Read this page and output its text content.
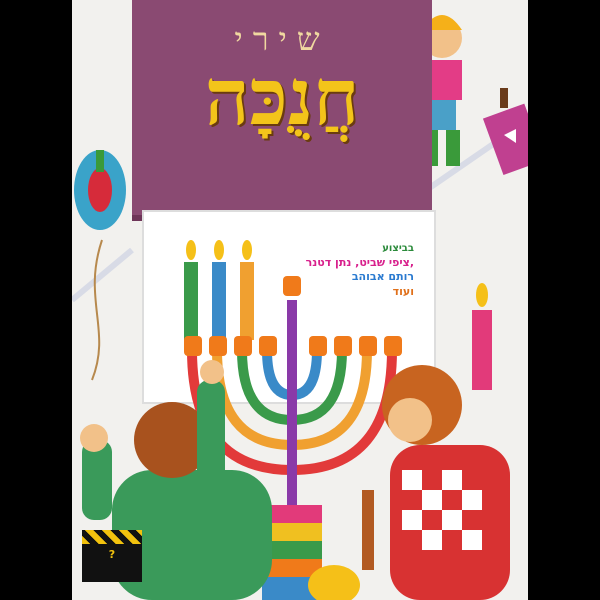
שירי
חֲנֻכָּה
בביצוע
ציפי שביט, נתן דטנר,
רותם אבוהב
ועוד
?
